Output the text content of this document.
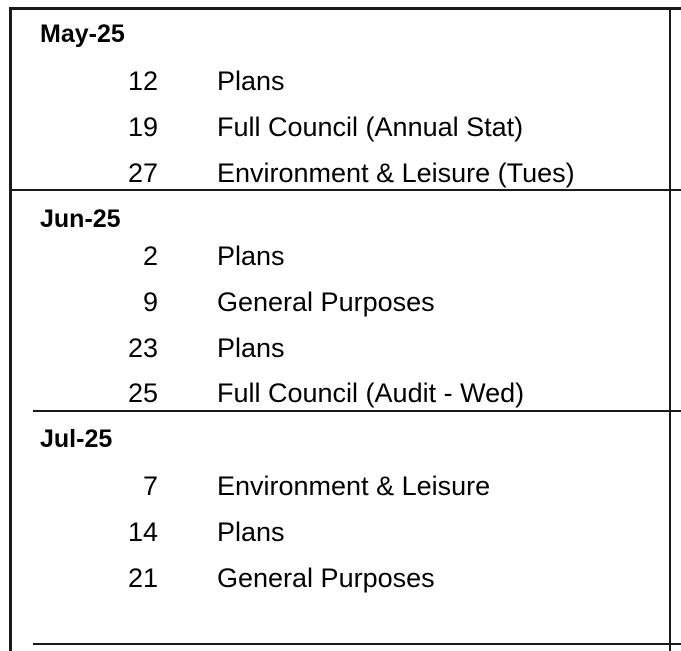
May-25
12 Plans
19 Full Council (Annual Stat)
27 Environment & Leisure (Tues)
Jun-25
2 Plans
9 General Purposes
23 Plans
25 Full Council (Audit - Wed)
Jul-25
7 Environment & Leisure
14 Plans
21 General Purposes
